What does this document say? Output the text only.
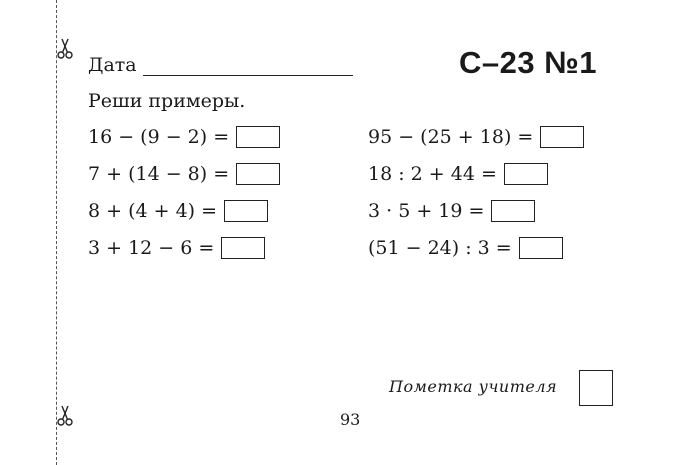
Дата	С–23 №1
Реши примеры.
16 − (9 − 2) =
7 + (14 − 8) =
8 + (4 + 4) =
3 + 12 − 6 =
95 − (25 + 18) =
18 : 2 + 44 =
3 · 5 + 19 =
(51 − 24) : 3 =
Пометка учителя
93
